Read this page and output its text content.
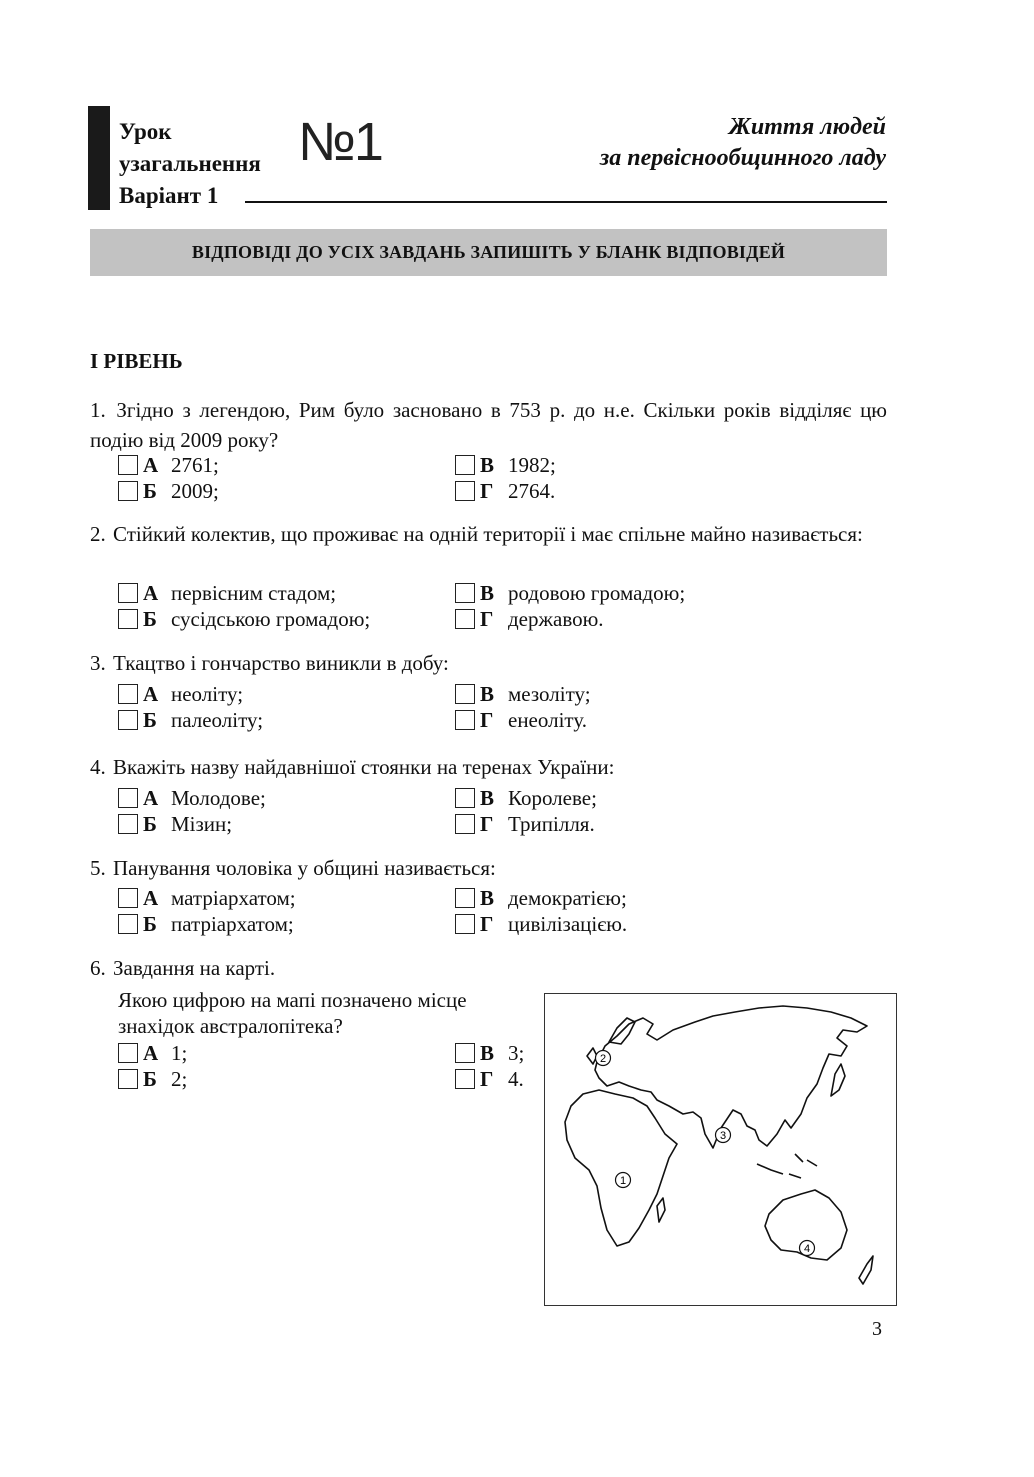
Урок
узагальнення
Варіант 1
№1	Життя людей
за первіснообщинного ладу
ВІДПОВІДІ ДО УСІХ ЗАВДАНЬ ЗАПИШІТЬ У БЛАНК ВІДПОВІДЕЙ
І РІВЕНЬ
1. Згідно з легендою, Рим було засновано в 753 р. до н.е. Скільки років відділяє цю подію від 2009 року?
А 2761;
Б 2009;
В 1982;
Г 2764.
2. Стійкий колектив, що проживає на одній території і має спільне майно називається:
А первісним стадом;
Б сусідською громадою;
В родовою громадою;
Г державою.
3. Ткацтво і гончарство виникли в добу:
А неоліту;
Б палеоліту;
В мезоліту;
Г енеоліту.
4. Вкажіть назву найдавнішої стоянки на теренах України:
А Молодове;
Б Мізин;
В Королеве;
Г Трипілля.
5. Панування чоловіка у общині називається:
А матріархатом;
Б патріархатом;
В демократією;
Г цивілізацією.
6. Завдання на карті.
Якою цифрою на мапі позначено місце
знахідок австралопітека?
А 1;
Б 2;
В 3;
Г 4.
2
1
3
4
3
